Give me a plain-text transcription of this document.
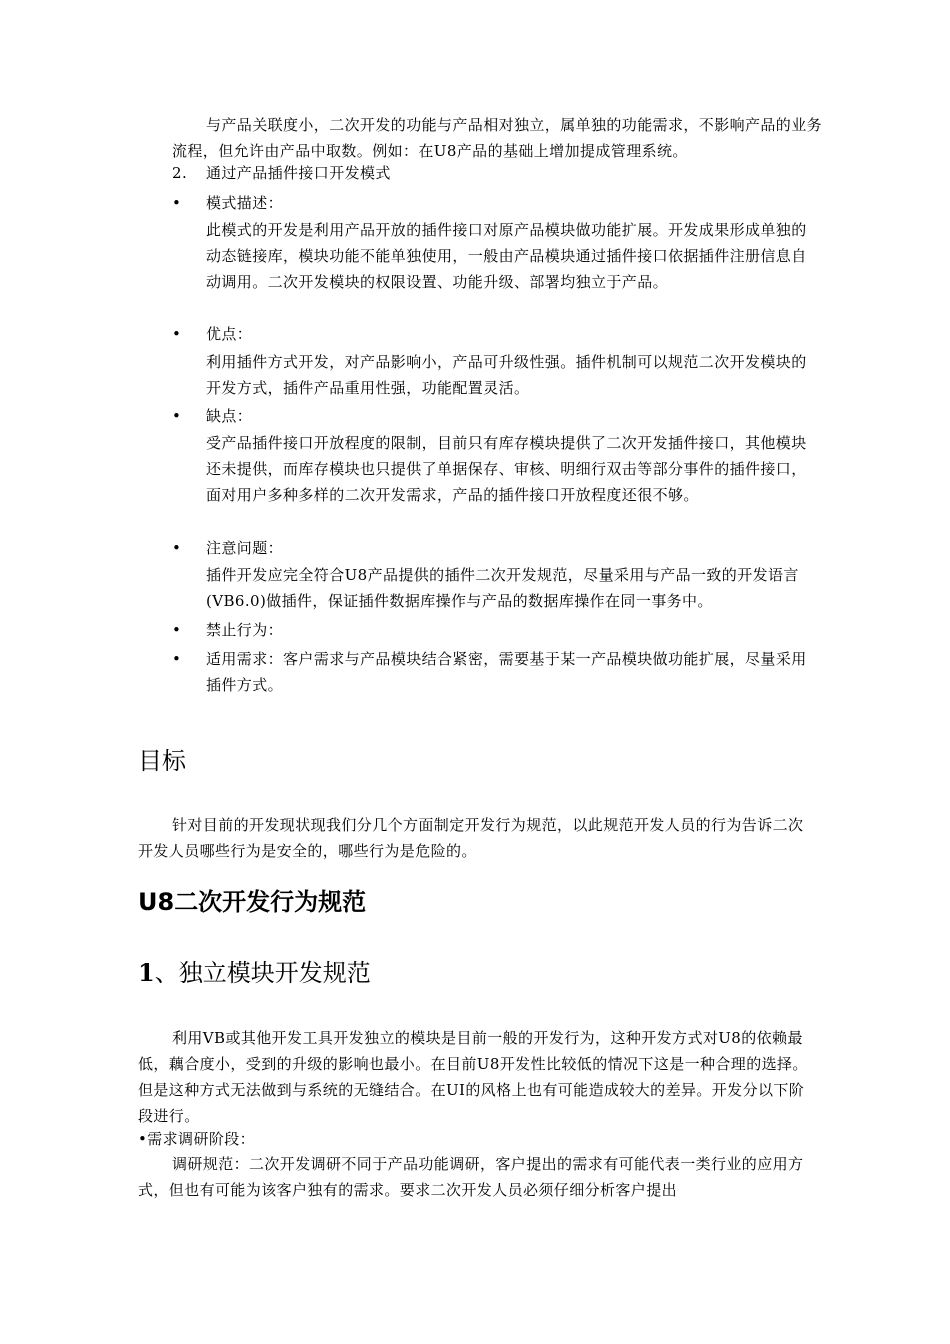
与产品关联度小，二次开发的功能与产品相对独立，属单独的功能需求，不影响产品的业务流程，但允许由产品中取数。例如：在U8产品的基础上增加提成管理系统。

2. 通过产品插件接口开发模式
• 模式描述：

此模式的开发是利用产品开放的插件接口对原产品模块做功能扩展。开发成果形成单独的动态链接库，模块功能不能单独使用，一般由产品模块通过插件接口依据插件注册信息自动调用。二次开发模块的权限设置、功能升级、部署均独立于产品。

• 优点：

利用插件方式开发，对产品影响小，产品可升级性强。插件机制可以规范二次开发模块的开发方式，插件产品重用性强，功能配置灵活。

• 缺点：

受产品插件接口开放程度的限制，目前只有库存模块提供了二次开发插件接口，其他模块还未提供，而库存模块也只提供了单据保存、审核、明细行双击等部分事件的插件接口，面对用户多种多样的二次开发需求，产品的插件接口开放程度还很不够。

• 注意问题：

插件开发应完全符合U8产品提供的插件二次开发规范，尽量采用与产品一致的开发语言(VB6.0)做插件，保证插件数据库操作与产品的数据库操作在同一事务中。

• 禁止行为：
•	适用需求：客户需求与产品模块结合紧密，需要基于某一产品模块做功能扩展，尽量采用插件方式。

目标

针对目前的开发现状现我们分几个方面制定开发行为规范，以此规范开发人员的行为告诉二次开发人员哪些行为是安全的，哪些行为是危险的。

U8二次开发行为规范
1、独立模块开发规范

利用VB或其他开发工具开发独立的模块是目前一般的开发行为，这种开发方式对U8的依赖最低，藕合度小，受到的升级的影响也最小。在目前U8开发性比较低的情况下这是一种合理的选择。但是这种方式无法做到与系统的无缝结合。在UI的风格上也有可能造成较大的差异。开发分以下阶段进行。

•需求调研阶段：

调研规范：二次开发调研不同于产品功能调研，客户提出的需求有可能代表一类行业的应用方式，但也有可能为该客户独有的需求。要求二次开发人员必须仔细分析客户提出
